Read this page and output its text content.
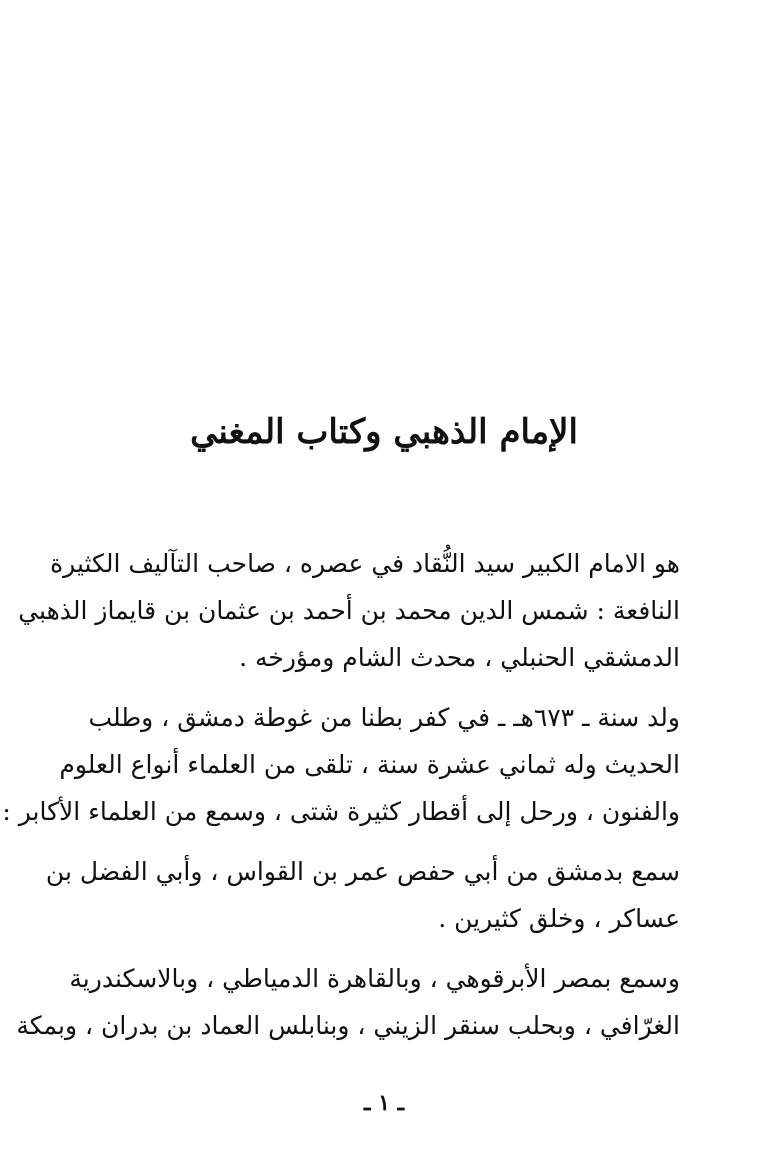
الإمام الذهبي وكتاب المغني

هو الامام الكبير سيد النُّقاد في عصره ، صاحب التآليف الكثيرة
النافعة : شمس الدين محمد بن أحمد بن عثمان بن قايماز الذهبي
الدمشقي الحنبلي ، محدث الشام ومؤرخه .

ولد سنة ـ ٦٧٣هـ ـ في كفر بطنا من غوطة دمشق ، وطلب
الحديث وله ثماني عشرة سنة ، تلقى من العلماء أنواع العلوم
والفنون ، ورحل إلى أقطار كثيرة شتى ، وسمع من العلماء الأكابر :

سمع بدمشق من أبي حفص عمر بن القواس ، وأبي الفضل بن
عساكر ، وخلق كثيرين .

وسمع بمصر الأبرقوهي ، وبالقاهرة الدمياطي ، وبالاسكندرية
الغرّافي ، وبحلب سنقر الزيني ، وبنابلس العماد بن بدران ، وبمكة

ـ ١ ـ
